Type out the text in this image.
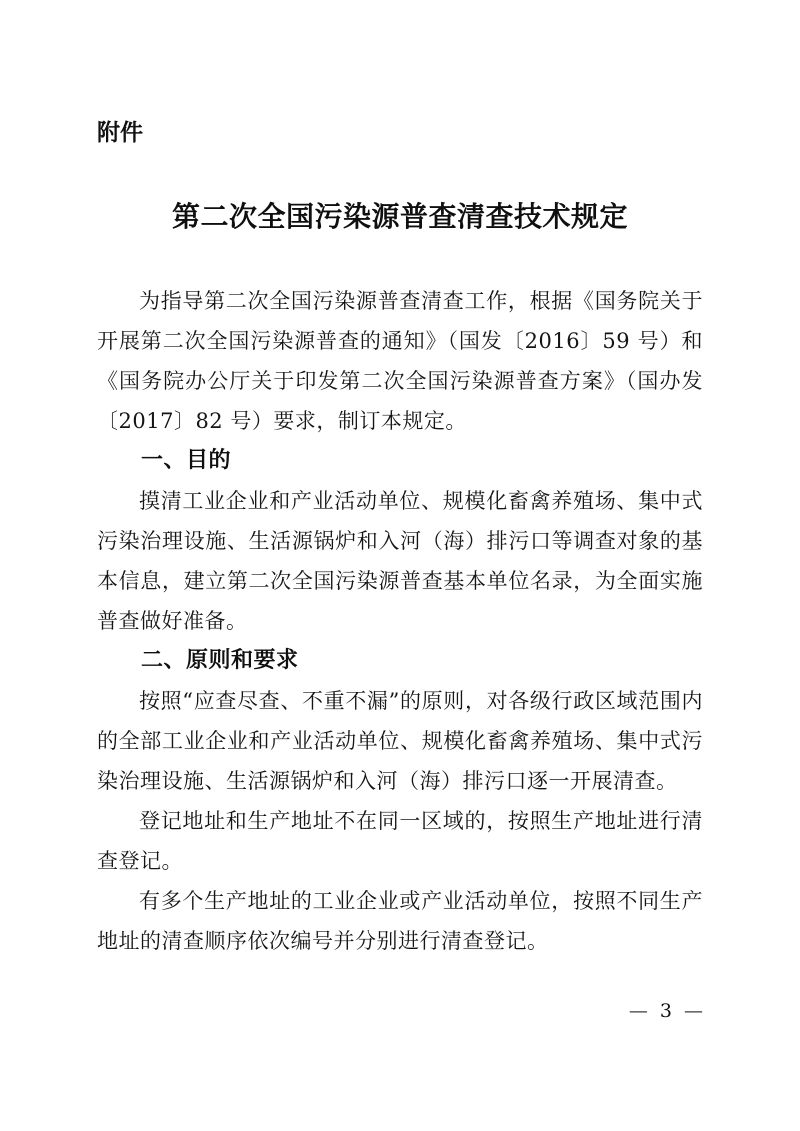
附件
第二次全国污染源普查清查技术规定

为指导第二次全国污染源普查清查工作，根据《国务院关于开展第二次全国污染源普查的通知》（国发〔2016〕59 号）和《国务院办公厅关于印发第二次全国污染源普查方案》（国办发〔2017〕82 号）要求，制订本规定。

一、目的

摸清工业企业和产业活动单位、规模化畜禽养殖场、集中式污染治理设施、生活源锅炉和入河（海）排污口等调查对象的基本信息，建立第二次全国污染源普查基本单位名录，为全面实施普查做好准备。

二、原则和要求

按照“应查尽查、不重不漏”的原则，对各级行政区域范围内的全部工业企业和产业活动单位、规模化畜禽养殖场、集中式污染治理设施、生活源锅炉和入河（海）排污口逐一开展清查。

登记地址和生产地址不在同一区域的，按照生产地址进行清查登记。

有多个生产地址的工业企业或产业活动单位，按照不同生产地址的清查顺序依次编号并分别进行清查登记。

— 3 —
